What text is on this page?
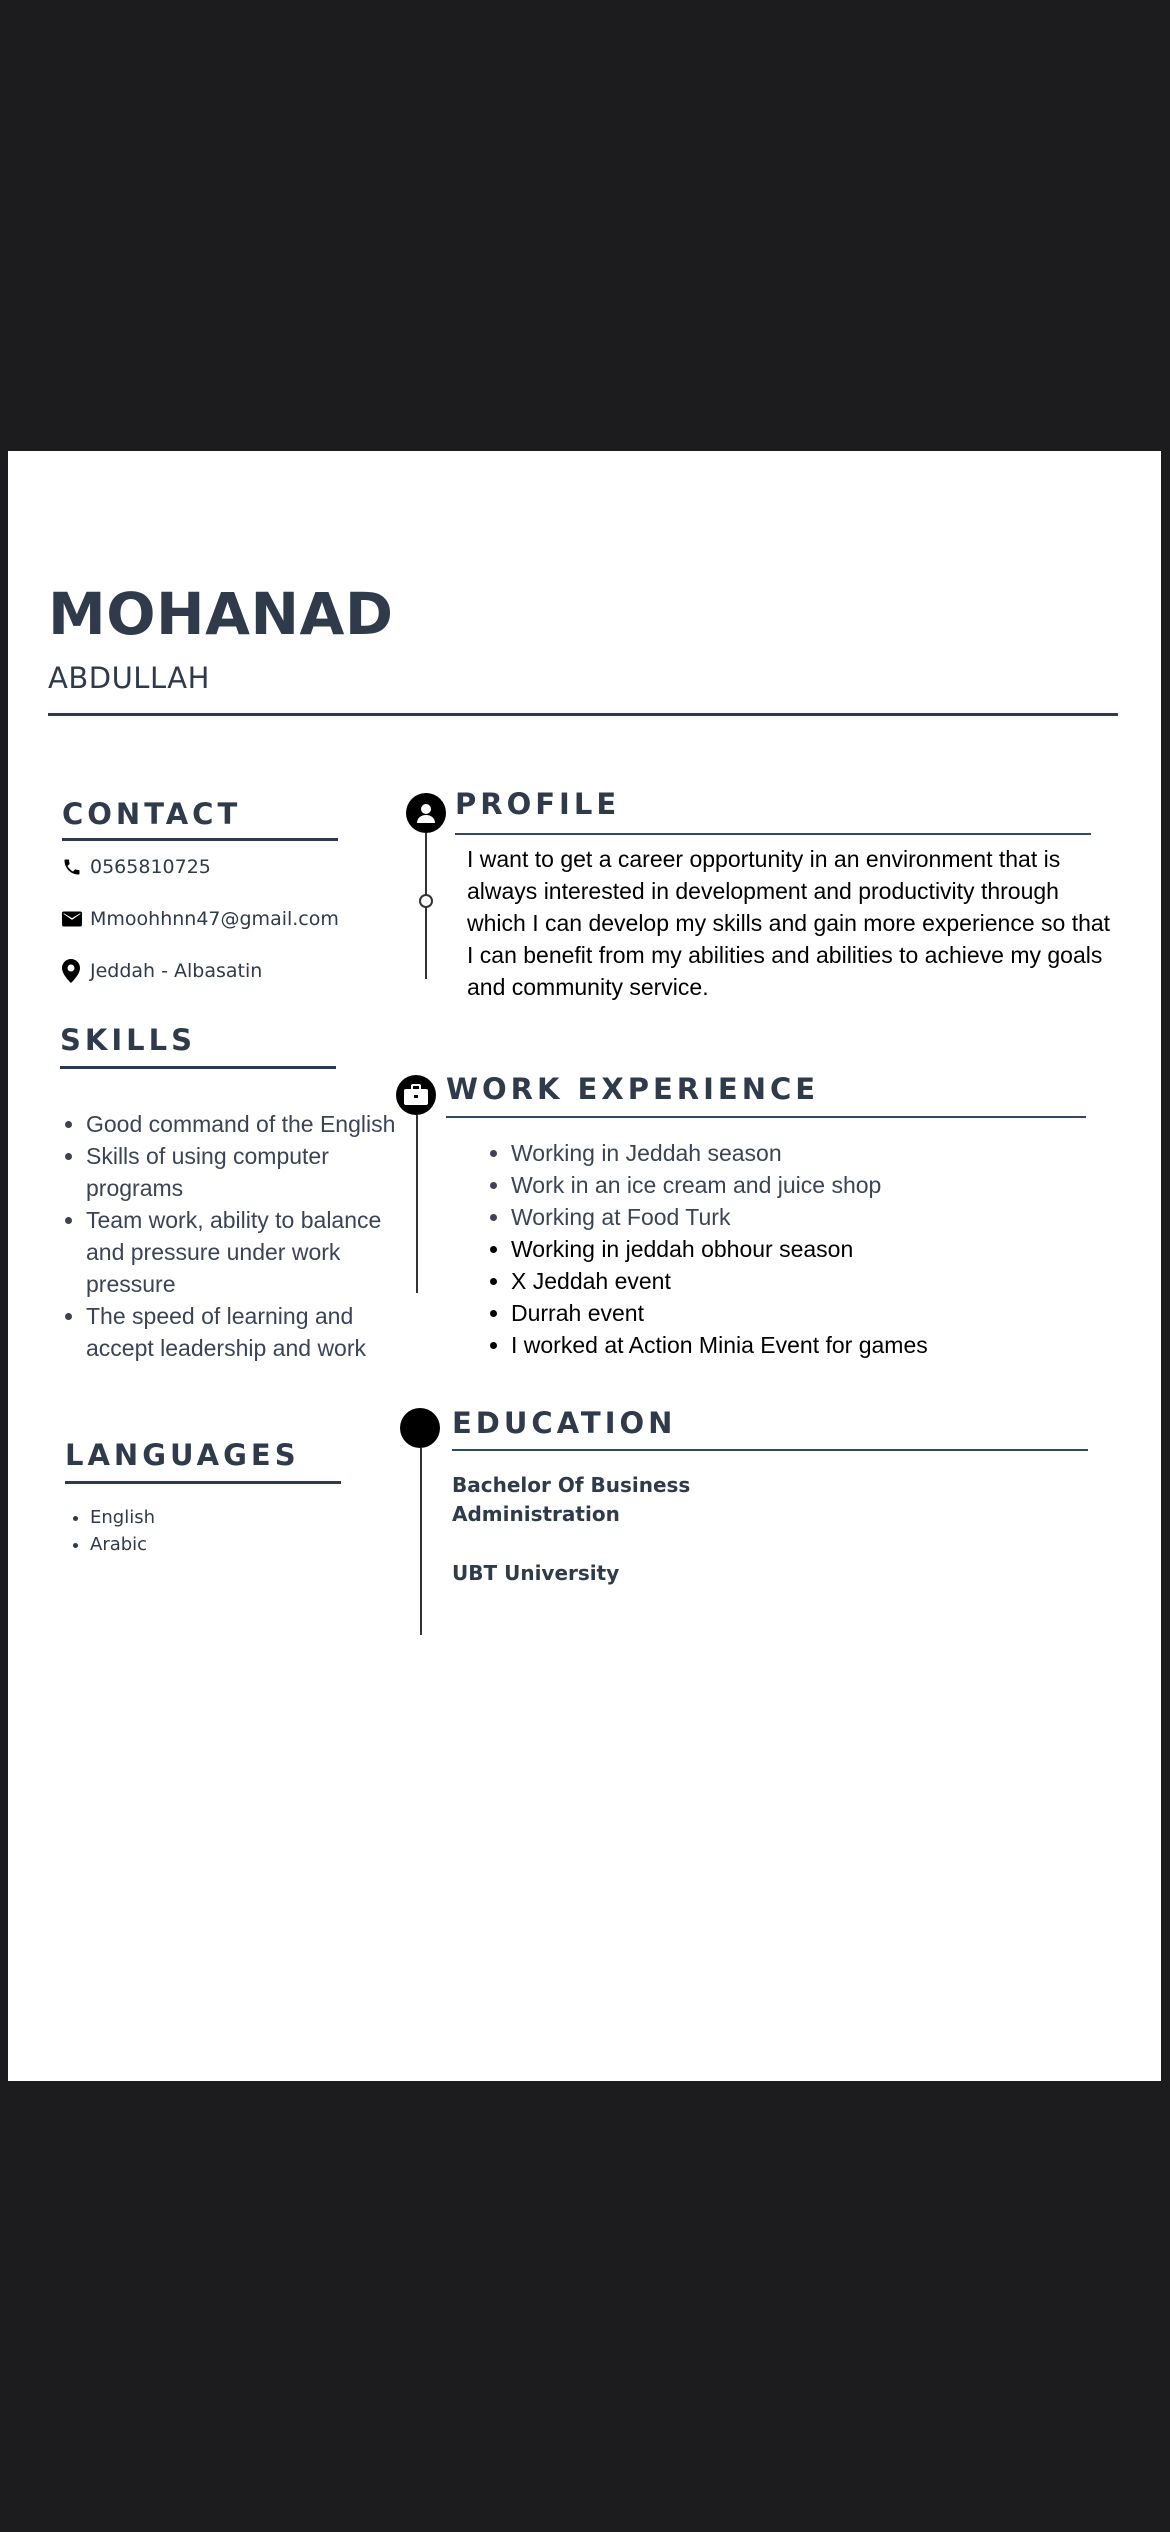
MOHANAD
ABDULLAH
CONTACT
0565810725
Mmoohhnn47@gmail.com
Jeddah - Albasatin
SKILLS
• Good command of the English
• Skills of using computer programs
• Team work, ability to balance and pressure under work pressure
• The speed of learning and accept leadership and work
LANGUAGES
• English
• Arabic
PROFILE
I want to get a career opportunity in an environment that is always interested in development and productivity through which I can develop my skills and gain more experience so that I can benefit from my abilities and abilities to achieve my goals and community service.
WORK EXPERIENCE
• Working in Jeddah season
• Work in an ice cream and juice shop
• Working at Food Turk
• Working in jeddah obhour season
• X Jeddah event
• Durrah event
• I worked at Action Minia Event for games
EDUCATION
Bachelor Of Business
Administration
UBT University
